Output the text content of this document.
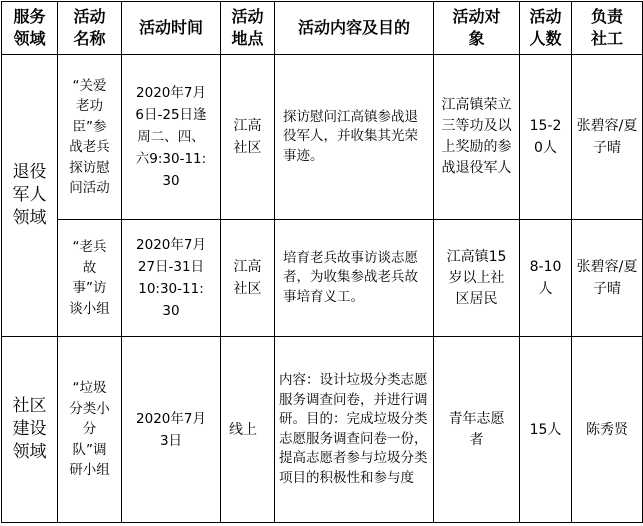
服务领域	活动名称	活动时间	活动地点	活动内容及目的	活动对象	活动人数	负责社工
退役军人领域	“关爱老功臣”参战老兵探访慰问活动	2020年7月6日-25日逢周二、四、六9:30-11:30	江高社区	探访慰问江高镇参战退役军人，并收集其光荣事迹。	江高镇荣立三等功及以上奖励的参战退役军人	15-20人	张碧容/夏子晴
	“老兵故事”访谈小组	2020年7月27日-31日10:30-11:30	江高社区	培育老兵故事访谈志愿者，为收集参战老兵故事培育义工。	江高镇15岁以上社区居民	8-10人	张碧容/夏子晴
社区建设领域	“垃圾分类小分队”调研小组	2020年7月3日	线上	内容：设计垃圾分类志愿服务调查问卷，并进行调研。目的：完成垃圾分类志愿服务调查问卷一份，提高志愿者参与垃圾分类项目的积极性和参与度	青年志愿者	15人	陈秀贤
